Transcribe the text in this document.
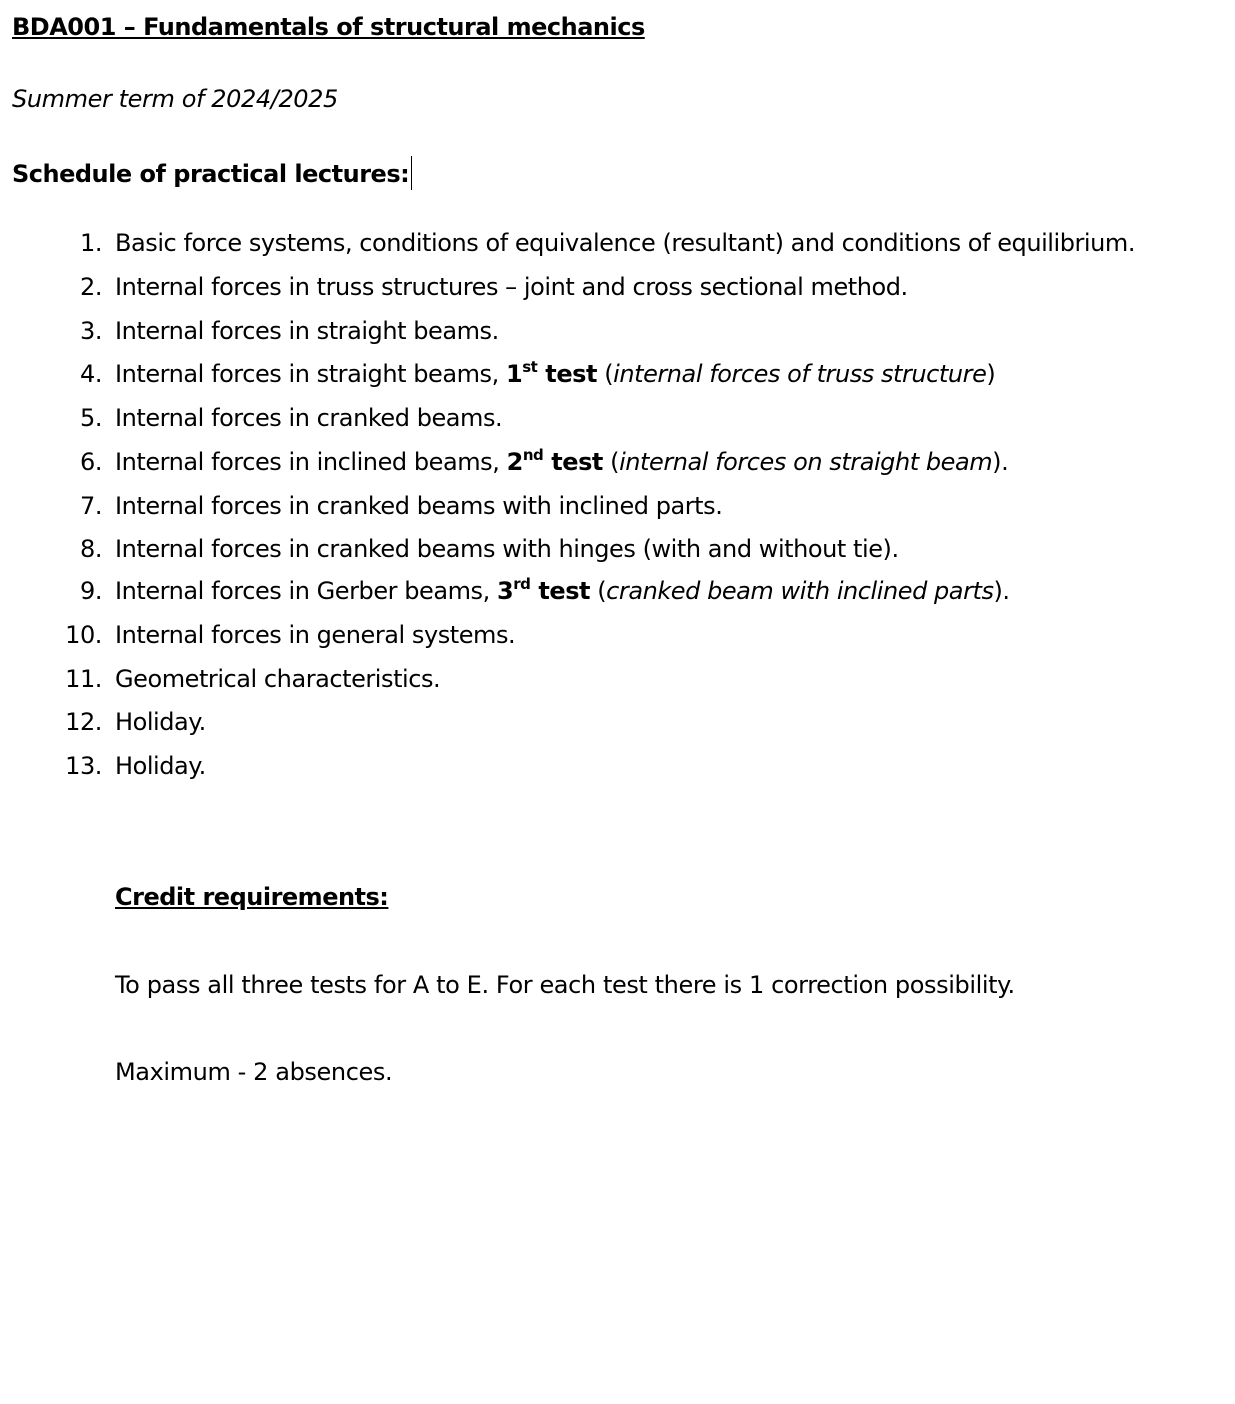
BDA001 – Fundamentals of structural mechanics
Summer term of 2024/2025
Schedule of practical lectures:
1. Basic force systems, conditions of equivalence (resultant) and conditions of equilibrium.
2. Internal forces in truss structures – joint and cross sectional method.
3. Internal forces in straight beams.
4. Internal forces in straight beams, 1st test (internal forces of truss structure)
5. Internal forces in cranked beams.
6. Internal forces in inclined beams, 2nd test (internal forces on straight beam).
7. Internal forces in cranked beams with inclined parts.
8. Internal forces in cranked beams with hinges (with and without tie).
9. Internal forces in Gerber beams, 3rd test (cranked beam with inclined parts).
10. Internal forces in general systems.
11. Geometrical characteristics.
12. Holiday.
13. Holiday.
Credit requirements:
To pass all three tests for A to E. For each test there is 1 correction possibility.
Maximum - 2 absences.
